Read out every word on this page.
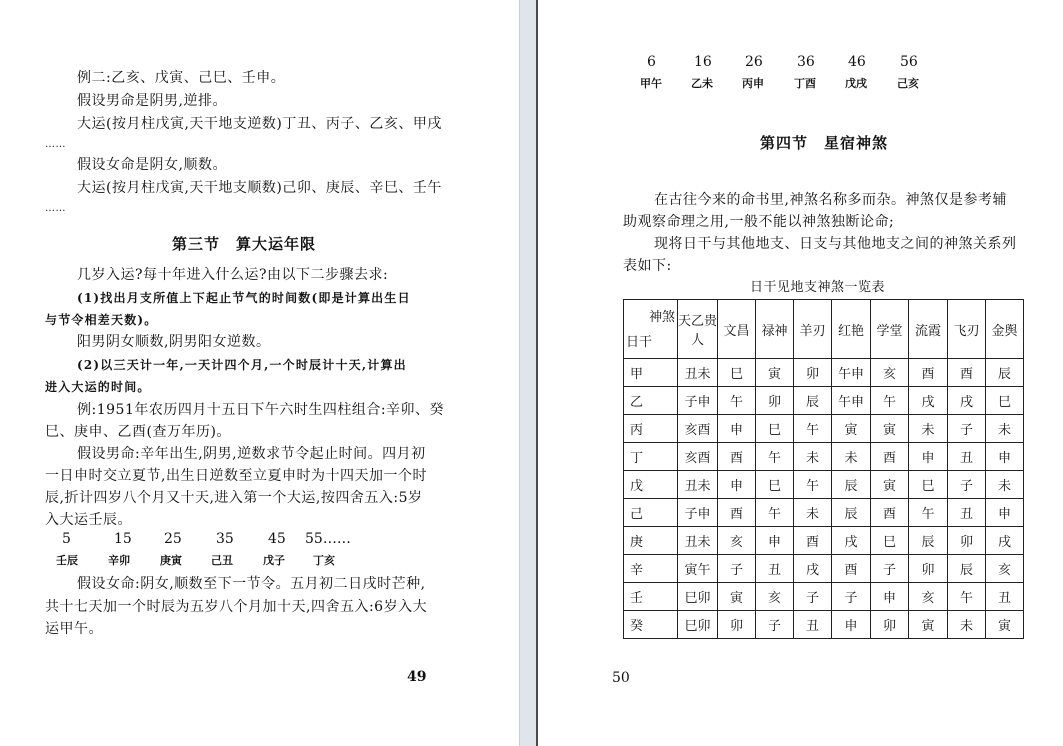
例二:乙亥、戊寅、己巳、壬申。
假设男命是阴男,逆排。
大运(按月柱戊寅,天干地支逆数)丁丑、丙子、乙亥、甲戌
……
假设女命是阴女,顺数。
大运(按月柱戊寅,天干地支顺数)己卯、庚辰、辛巳、壬午
……
第三节　算大运年限
几岁入运?每十年进入什么运?由以下二步骤去求:
(1)找出月支所值上下起止节气的时间数(即是计算出生日
与节令相差天数)。
阳男阴女顺数,阴男阳女逆数。
(2)以三天计一年,一天计四个月,一个时辰计十天,计算出
进入大运的时间。
例:1951年农历四月十五日下午六时生四柱组合:辛卯、癸
巳、庚申、乙酉(查万年历)。
假设男命:辛年出生,阴男,逆数求节令起止时间。四月初
一日申时交立夏节,出生日逆数至立夏申时为十四天加一个时
辰,折计四岁八个月又十天,进入第一个大运,按四舍五入:5岁
入大运壬辰。
5	15 25 35 45 55……
壬辰	辛卯	庚寅	己丑	戊子	丁亥
假设女命:阴女,顺数至下一节令。五月初二日戌时芒种,
共十七天加一个时辰为五岁八个月加十天,四舍五入:6岁入大
运甲午。
49	50
6	16 26 36 46 56
甲午	乙未	丙申	丁酉	戊戌	己亥
第四节　星宿神煞
在古往今来的命书里,神煞名称多而杂。神煞仅是参考辅
助观察命理之用,一般不能以神煞独断论命;
现将日干与其他地支、日支与其他地支之间的神煞关系列
表如下:
日干见地支神煞一览表
神煞
日干	天乙贵人	文昌	禄神	羊刃	红艳	学堂	流霞	飞刃	金舆
甲	丑未	巳	寅	卯	午申	亥	酉	酉	辰
乙	子申	午	卯	辰	午申	午	戌	戌	巳
丙	亥酉	申	巳	午	寅	寅	未	子	未
丁	亥酉	酉	午	未	未	酉	申	丑	申
戊	丑未	申	巳	午	辰	寅	巳	子	未
己	子申	酉	午	未	辰	酉	午	丑	申
庚	丑未	亥	申	酉	戌	巳	辰	卯	戌
辛	寅午	子	丑	戌	酉	子	卯	辰	亥
壬	巳卯	寅	亥	子	子	申	亥	午	丑
癸	巳卯	卯	子	丑	申	卯	寅	未	寅
